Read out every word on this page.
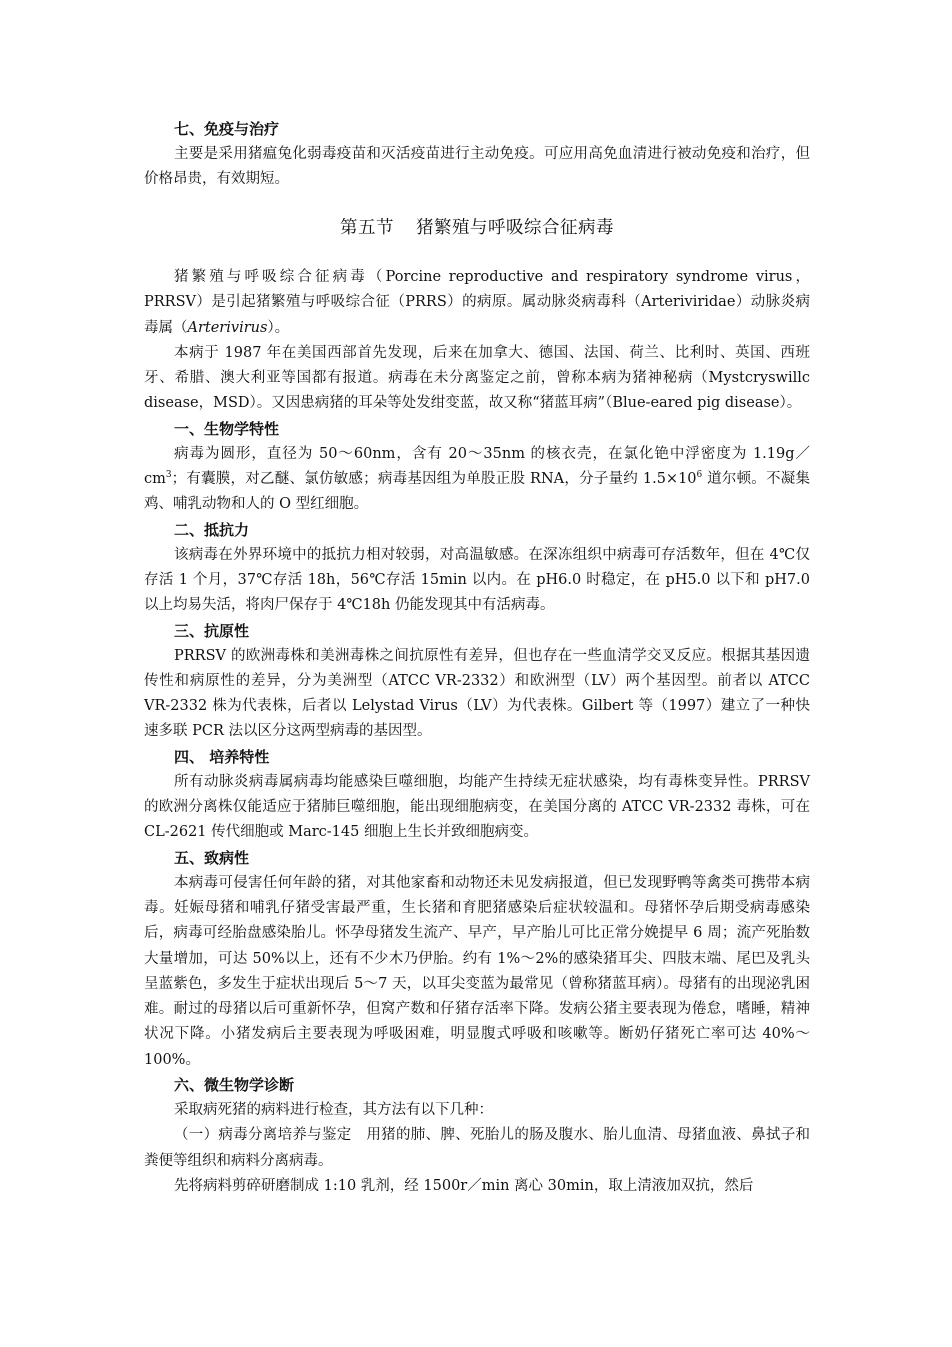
七、免疫与治疗

主要是采用猪瘟兔化弱毒疫苗和灭活疫苗进行主动免疫。可应用高免血清进行被动免疫和治疗，但价格昂贵，有效期短。

第五节 猪繁殖与呼吸综合征病毒

猪繁殖与呼吸综合征病毒（Porcine reproductive and respiratory syndrome virus，PRRSV）是引起猪繁殖与呼吸综合征（PRRS）的病原。属动脉炎病毒科（Arteriviridae）动脉炎病毒属（Arterivirus）。

本病于 1987 年在美国西部首先发现，后来在加拿大、德国、法国、荷兰、比利时、英国、西班牙、希腊、澳大利亚等国都有报道。病毒在未分离鉴定之前，曾称本病为猪神秘病（Mystcryswillc disease，MSD）。又因患病猪的耳朵等处发绀变蓝，故又称“猪蓝耳病”（Blue-eared pig disease）。

一、生物学特性

病毒为圆形，直径为 50～60nm，含有 20～35nm 的核衣壳，在氯化铯中浮密度为 $1.19g/cm^3$；有囊膜，对乙醚、氯仿敏感；病毒基因组为单股正股 RNA，分子量约 $1.5\times 10^6$ 道尔顿。不凝集鸡、哺乳动物和人的 O 型红细胞。

二、抵抗力

该病毒在外界环境中的抵抗力相对较弱，对高温敏感。在深冻组织中病毒可存活数年，但在 4℃仅存活 1 个月，37℃存活 18h，56℃存活 15min 以内。在 pH6.0 时稳定，在 pH5.0 以下和 pH7.0 以上均易失活，将肉尸保存于 4℃18h 仍能发现其中有活病毒。

三、抗原性

PRRSV 的欧洲毒株和美洲毒株之间抗原性有差异，但也存在一些血清学交叉反应。根据其基因遗传性和病原性的差异，分为美洲型（ATCC VR-2332）和欧洲型（LV）两个基因型。前者以 ATCC VR-2332 株为代表株，后者以 Lelystad Virus（LV）为代表株。Gilbert 等（1997）建立了一种快速多联 PCR 法以区分这两型病毒的基因型。

四、 培养特性

所有动脉炎病毒属病毒均能感染巨噬细胞，均能产生持续无症状感染，均有毒株变异性。PRRSV 的欧洲分离株仅能适应于猪肺巨噬细胞，能出现细胞病变，在美国分离的 ATCC VR-2332 毒株，可在 CL-2621 传代细胞或 Marc-145 细胞上生长并致细胞病变。

五、致病性

本病毒可侵害任何年龄的猪，对其他家畜和动物还未见发病报道，但已发现野鸭等禽类可携带本病毒。妊娠母猪和哺乳仔猪受害最严重，生长猪和育肥猪感染后症状较温和。母猪怀孕后期受病毒感染后，病毒可经胎盘感染胎儿。怀孕母猪发生流产、早产，早产胎儿可比正常分娩提早 6 周；流产死胎数大量增加，可达 50%以上，还有不少木乃伊胎。约有 1%～2%的感染猪耳尖、四肢末端、尾巴及乳头呈蓝紫色，多发生于症状出现后 5～7 天，以耳尖变蓝为最常见（曾称猪蓝耳病）。母猪有的出现泌乳困难。耐过的母猪以后可重新怀孕，但窝产数和仔猪存活率下降。发病公猪主要表现为倦怠，嗜睡，精神状况下降。小猪发病后主要表现为呼吸困难，明显腹式呼吸和咳嗽等。断奶仔猪死亡率可达 40%～100%。

六、微生物学诊断

采取病死猪的病料进行检查，其方法有以下几种：

（一）病毒分离培养与鉴定　用猪的肺、脾、死胎儿的肠及腹水、胎儿血清、母猪血液、鼻拭子和粪便等组织和病料分离病毒。

先将病料剪碎研磨制成 1:10 乳剂，经 1500r／min 离心 30min，取上清液加双抗，然后
